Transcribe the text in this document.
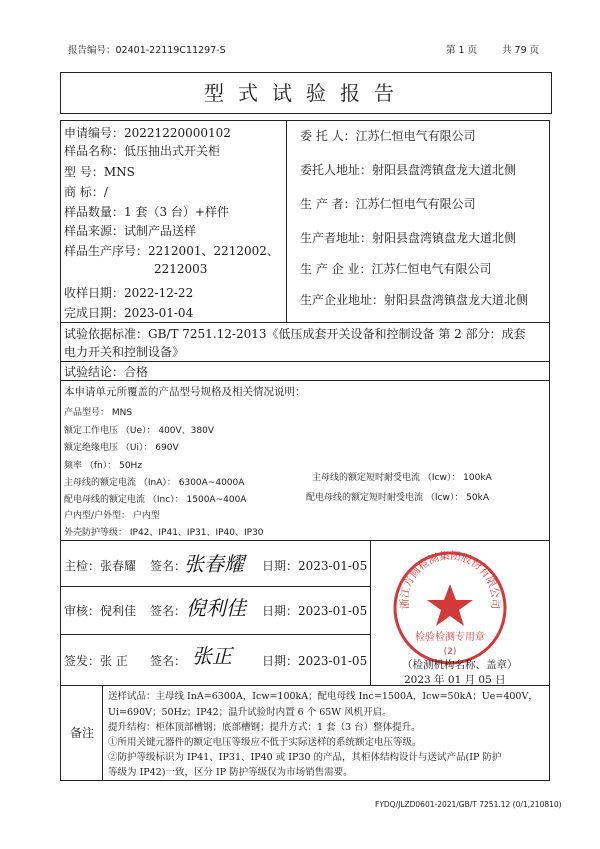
报告编号：02401-22119C11297-S	第 1 页	共 79 页
型式试验报告
申请编号：20221220000102
样品名称：低压抽出式开关柜
型 号：MNS
商 标：/
样品数量：1 套（3 台）+样件
样品来源：试制产品送样
样品生产序号：2212001、2212002、
2212003
收样日期：2022-12-22
完成日期：2023-01-04
委 托 人：江苏仁恒电气有限公司
委托人地址：射阳县盘湾镇盘龙大道北侧
生 产 者：江苏仁恒电气有限公司
生产者地址：射阳县盘湾镇盘龙大道北侧
生 产 企 业：江苏仁恒电气有限公司
生产企业地址：射阳县盘湾镇盘龙大道北侧
试验依据标准：GB/T 7251.12-2013《低压成套开关设备和控制设备 第 2 部分：成套
电力开关和控制设备》
试验结论：合格
本申请单元所覆盖的产品型号规格及相关情况说明：
产品型号： MNS
额定工作电压 （Ue）： 400V、380V
额定绝缘电压 （Ui）： 690V
频率 （fn）： 50Hz
主母线的额定电流 （InA）： 6300A~4000A
配电母线的额定电流 （Inc）： 1500A~400A
主母线的额定短时耐受电流 （Icw）： 100kA
配电母线的额定短时耐受电流 （Icw）： 50kA
户内型/户外型： 户内型
外壳防护等级： IP42、IP41、IP31、IP40、IP30
主检：张春耀 签名：
张春耀 日期：2023-01-05
审核：倪利佳 签名： 倪利佳 日期：2023-01-05
签发：张 正 签名： 张正	日期：2023-01-05
浙江方圆检测集团股份有限公司
检验检测专用章
(2)
（检测机构名称、盖章）
2023 年 01 月 05 日
备注
送样试品：主母线 InA=6300A，Icw=100kA；配电母线 Inc=1500A，Icw=50kA；Ue=400V，
Ui=690V；50Hz；IP42；温升试验时内置 6 个 65W 风机开启。
提升结构：柜体顶部槽钢；底部槽钢；提升方式：1 套（3 台）整体提升。
①所用关键元器件的额定电压等级应不低于实际送样的系统额定电压等级。
②防护等级标识为 IP41、IP31、IP40 或 IP30 的产品，其柜体结构设计与送试产品(IP 防护
等级为 IP42)一致，区分 IP 防护等级仅为市场销售需要。
FYDQ/JLZD0601-2021/GB/T 7251.12 (0/1,210810)
